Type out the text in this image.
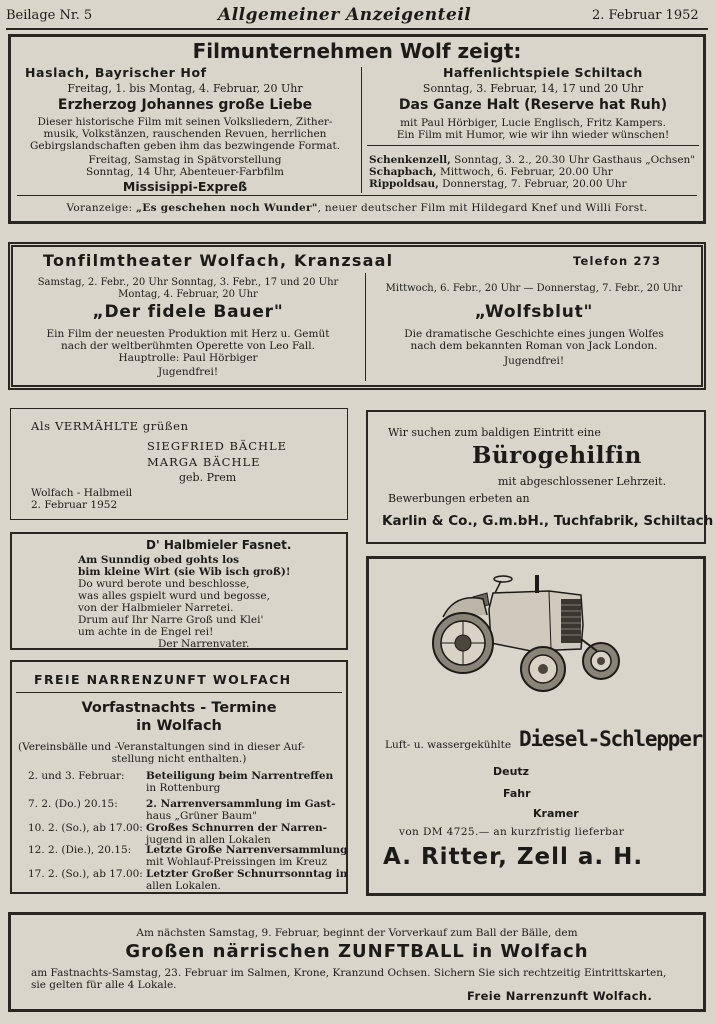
Beilage Nr. 5	Allgemeiner Anzeigenteil	2. Februar 1952
Filmunternehmen Wolf zeigt:
Haslach, Bayrischer Hof
Freitag, 1. bis Montag, 4. Februar, 20 Uhr
Erzherzog Johannes große Liebe
Dieser historische Film mit seinen Volksliedern, Zither-
musik, Volkstänzen, rauschenden Revuen, herrlichen
Gebirgslandschaften geben ihm das bezwingende Format.
Freitag, Samstag in Spätvorstellung
Sonntag, 14 Uhr, Abenteuer-Farbfilm
Missisippi-Expreß
Haffenlichtspiele Schiltach
Sonntag, 3. Februar, 14, 17 und 20 Uhr
Das Ganze Halt (Reserve hat Ruh)
mit Paul Hörbiger, Lucie Englisch, Fritz Kampers.
Ein Film mit Humor, wie wir ihn wieder wünschen!
Schenkenzell, Sonntag, 3. 2., 20.30 Uhr Gasthaus „Ochsen"
Schapbach, Mittwoch, 6. Februar, 20.00 Uhr
Rippoldsau, Donnerstag, 7. Februar, 20.00 Uhr
Voranzeige: „Es geschehen noch Wunder", neuer deutscher Film mit Hildegard Knef und Willi Forst.
Tonfilmtheater Wolfach, Kranzsaal	Telefon 273
Samstag, 2. Febr., 20 Uhr Sonntag, 3. Febr., 17 und 20 Uhr
Montag, 4. Februar, 20 Uhr
„Der fidele Bauer"
Ein Film der neuesten Produktion mit Herz u. Gemüt
nach der weltberühmten Operette von Leo Fall.
Hauptrolle: Paul Hörbiger
Jugendfrei!
Mittwoch, 6. Febr., 20 Uhr — Donnerstag, 7. Febr., 20 Uhr
„Wolfsblut"
Die dramatische Geschichte eines jungen Wolfes
nach dem bekannten Roman von Jack London.
Jugendfrei!
Als VERMÄHLTE grüßen
SIEGFRIED BÄCHLE
MARGA BÄCHLE
geb. Prem
Wolfach - Halbmeil
2. Februar 1952
Wir suchen zum baldigen Eintritt eine
Bürogehilfin
mit abgeschlossener Lehrzeit.
Bewerbungen erbeten an
Karlin & Co., G.m.bH., Tuchfabrik, Schiltach
D' Halbmieler Fasnet.
Am Sunndig obed gohts los
bim kleine Wirt (sie Wib isch groß)!
Do wurd berote und beschlosse,
was alles gspielt wurd und begosse,
von der Halbmieler Narretei.
Drum auf Ihr Narre Groß und Klei'
um achte in de Engel rei!
Der Narrenvater.
FREIE NARRENZUNFT WOLFACH
Vorfastnachts - Termine
in Wolfach
(Vereinsbälle und -Veranstaltungen sind in dieser Auf-
stellung nicht enthalten.)
2. und 3. Februar: Beteiligung beim Narrentreffen
in Rottenburg
7. 2. (Do.) 20.15:	2. Narrenversammlung im Gast-
haus „Grüner Baum"
10. 2. (So.), ab 17.00: Großes Schnurren der Narren-
jugend in allen Lokalen
12. 2. (Die.), 20.15: Letzte Große Narrenversammlung
mit Wohlauf-Preissingen im Kreuz
17. 2. (So.), ab 17.00: Letzter Großer Schnurrsonntag in
allen Lokalen.
Luft- u. wassergekühlte Diesel-Schlepper
Deutz
Fahr
Kramer
von DM 4725.— an kurzfristig lieferbar
A. Ritter, Zell a. H.
Am nächsten Samstag, 9. Februar, beginnt der Vorverkauf zum Ball der Bälle, dem
Großen närrischen ZUNFTBALL in Wolfach
am Fastnachts-Samstag, 23. Februar im Salmen, Krone, Kranzund Ochsen. Sichern Sie sich rechtzeitig Eintrittskarten,
sie gelten für alle 4 Lokale.
Freie Narrenzunft Wolfach.
